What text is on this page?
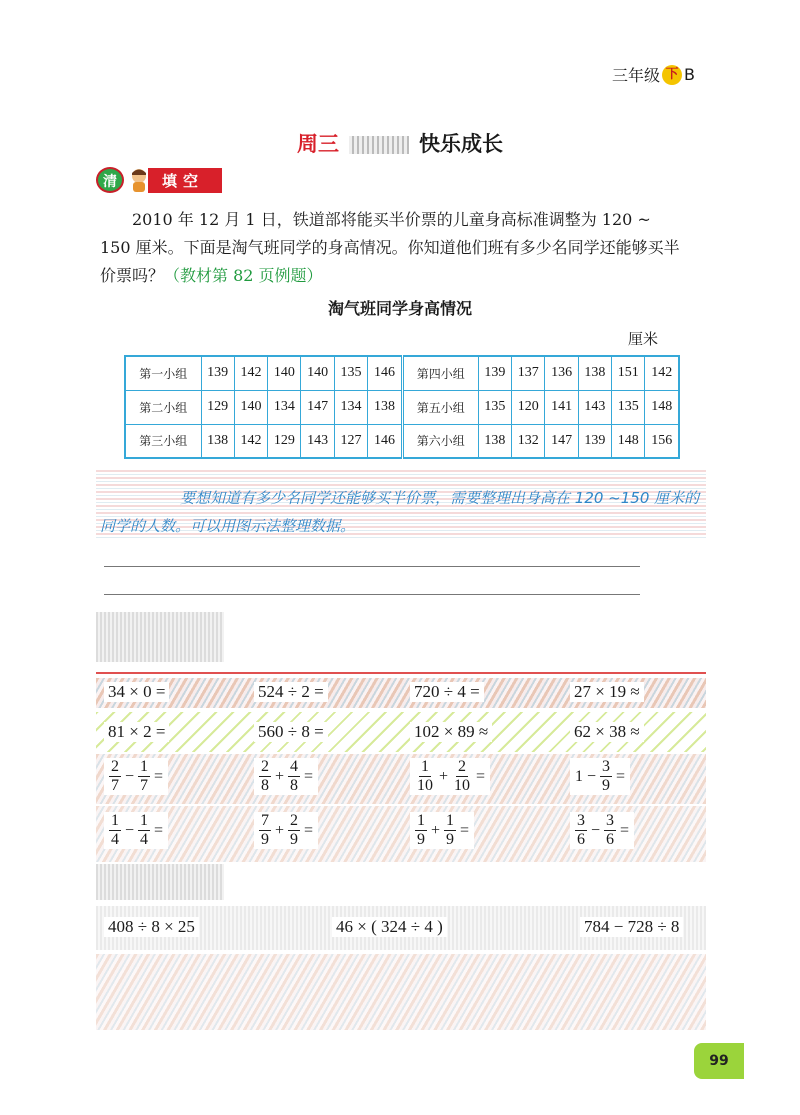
三年级 下 B
周三	快乐成长
清	填空

2010 年 12 月 1 日，铁道部将能买半价票的儿童身高标准调整为 120 ~ 150 厘米。下面是淘气班同学的身高情况。你知道他们班有多少名同学还能够买半价票吗？（教材第 82 页例题）

淘气班同学身高情况
厘米
第一小组	139	142	140	140	135	146	第四小组	139	137	136	138	151	142
第二小组	129	140	134	147	134	138	第五小组	135	120	141	143	135	148
第三小组	138	142	129	143	127	146	第六小组	138	132	147	139	148	156
要想知道有多少名同学还能够买半价票，需要整理出身高在 120 ~150 厘米的同学的人数。可以用图示法整理数据。
34 × 0 =	524 ÷ 2 =	720 ÷ 4 =	27 × 19 ≈
81 × 2 =	560 ÷ 8 =	102 × 89 ≈	62 × 38 ≈
$\frac{2}{7} - \frac{1}{7}$ =	$\frac{2}{8} + \frac{4}{8}$ =	$\frac{1}{10} + \frac{2}{10}$ =	$1 - \frac{3}{9}$ =
$\frac{1}{4} - \frac{1}{4}$ =	$\frac{7}{9} + \frac{2}{9}$ =	$\frac{1}{9} + \frac{1}{9}$ =	$\frac{3}{6} - \frac{3}{6}$ =
408 ÷ 8 × 25	46 × ( 324 ÷ 4 )	784 − 728 ÷ 8
99
